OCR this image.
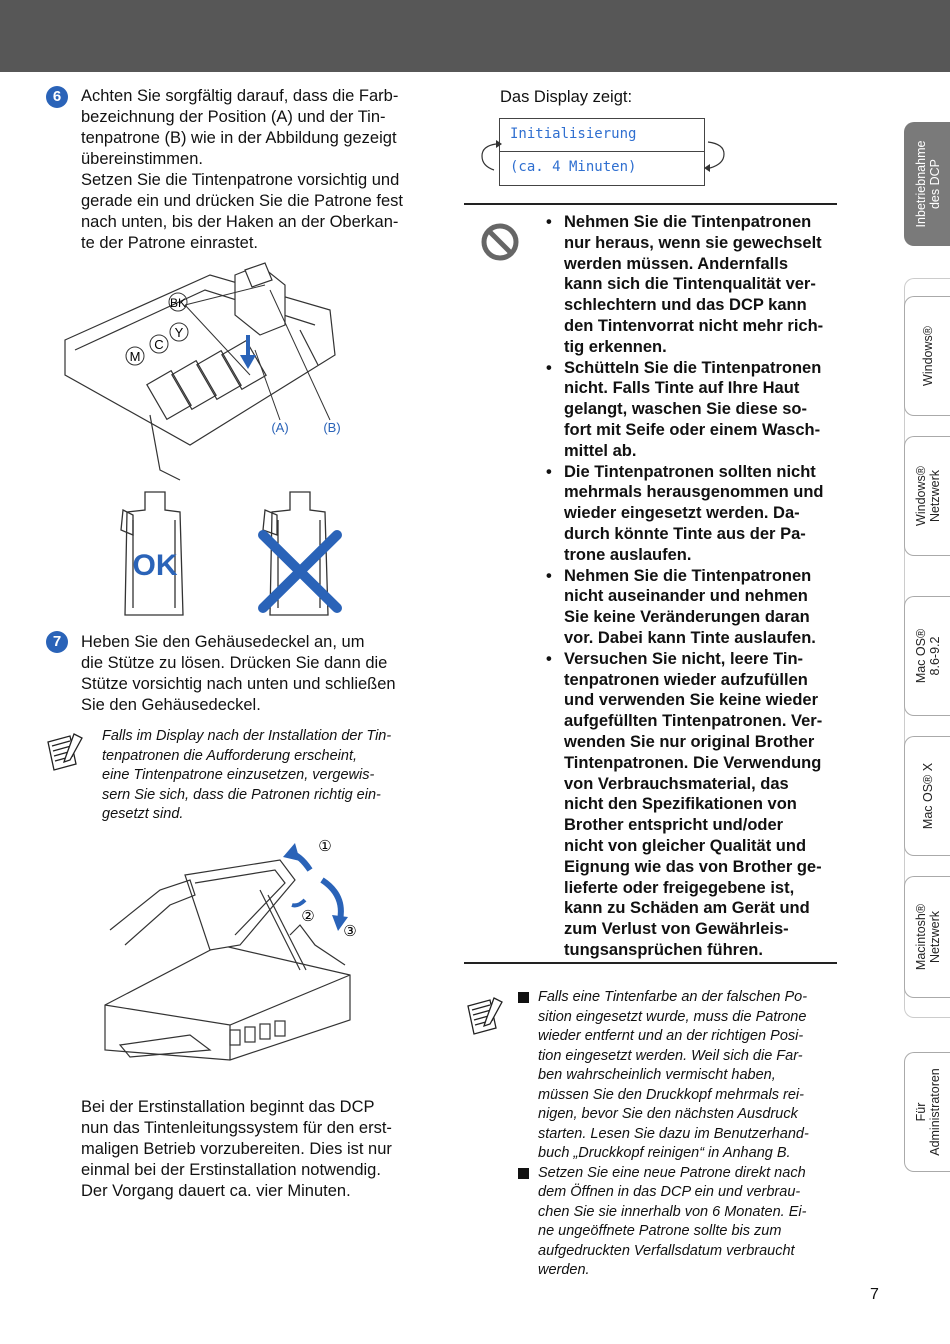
6	Achten Sie sorgfältig darauf, dass die Farb-

bezeichnung der Position (A) und der Tin-

tenpatrone (B) wie in der Abbildung gezeigt

übereinstimmen.

Setzen Sie die Tintenpatrone vorsichtig und

gerade ein und drücken Sie die Patrone fest

nach unten, bis der Haken an der Oberkan-

te der Patrone einrastet.

BK
C
Y
M
(A)	(B)
OK
7	Heben Sie den Gehäusedeckel an, um

die Stütze zu lösen. Drücken Sie dann die

Stütze vorsichtig nach unten und schließen

Sie den Gehäusedeckel.

Falls im Display nach der Installation der Tin-
tenpatronen die Aufforderung erscheint,
eine Tintenpatrone einzusetzen, vergewis-
sern Sie sich, dass die Patronen richtig ein-
gesetzt sind.
①
②
③

Bei der Erstinstallation beginnt das DCP

nun das Tintenleitungssystem für den erst-

maligen Betrieb vorzubereiten. Dies ist nur

einmal bei der Erstinstallation notwendig.

Der Vorgang dauert ca. vier Minuten.

Das Display zeigt:
Initialisierung
(ca. 4 Minuten)
• Nehmen Sie die Tintenpatronen
nur heraus, wenn sie gewechselt
werden müssen. Andernfalls
kann sich die Tintenqualität ver-
schlechtern und das DCP kann
den Tintenvorrat nicht mehr rich-
tig erkennen.
• Schütteln Sie die Tintenpatronen
nicht. Falls Tinte auf Ihre Haut
gelangt, waschen Sie diese so-
fort mit Seife oder einem Wasch-
mittel ab.
• Die Tintenpatronen sollten nicht
mehrmals herausgenommen und
wieder eingesetzt werden. Da-
durch könnte Tinte aus der Pa-
trone auslaufen.
• Nehmen Sie die Tintenpatronen
nicht auseinander und nehmen
Sie keine Veränderungen daran
vor. Dabei kann Tinte auslaufen.
• Versuchen Sie nicht, leere Tin-
tenpatronen wieder aufzufüllen
und verwenden Sie keine wieder
aufgefüllten Tintenpatronen. Ver-
wenden Sie nur original Brother
Tintenpatronen. Die Verwendung
von Verbrauchsmaterial, das
nicht den Spezifikationen von
Brother entspricht und/oder
nicht von gleicher Qualität und
Eignung wie das von Brother ge-
lieferte oder freigegebene ist,
kann zu Schäden am Gerät und
zum Verlust von Gewährleis-
tungsansprüchen führen.
Falls eine Tintenfarbe an der falschen Po-
sition eingesetzt wurde, muss die Patrone
wieder entfernt und an der richtigen Posi-
tion eingesetzt werden. Weil sich die Far-
ben wahrscheinlich vermischt haben,
müssen Sie den Druckkopf mehrmals rei-
nigen, bevor Sie den nächsten Ausdruck
starten. Lesen Sie dazu im Benutzerhand-
buch „Druckkopf reinigen“ in Anhang B.
Setzen Sie eine neue Patrone direkt nach
dem Öffnen in das DCP ein und verbrau-
chen Sie sie innerhalb von 6 Monaten. Ei-
ne ungeöffnete Patrone sollte bis zum
aufgedruckten Verfallsdatum verbraucht
werden.
Inbetriebnahme des DCP
Windows®
Windows® Netzwerk
Mac OS® 8.6-9.2
Mac OS® X
Macintosh® Netzwerk
Für Administratoren
7
